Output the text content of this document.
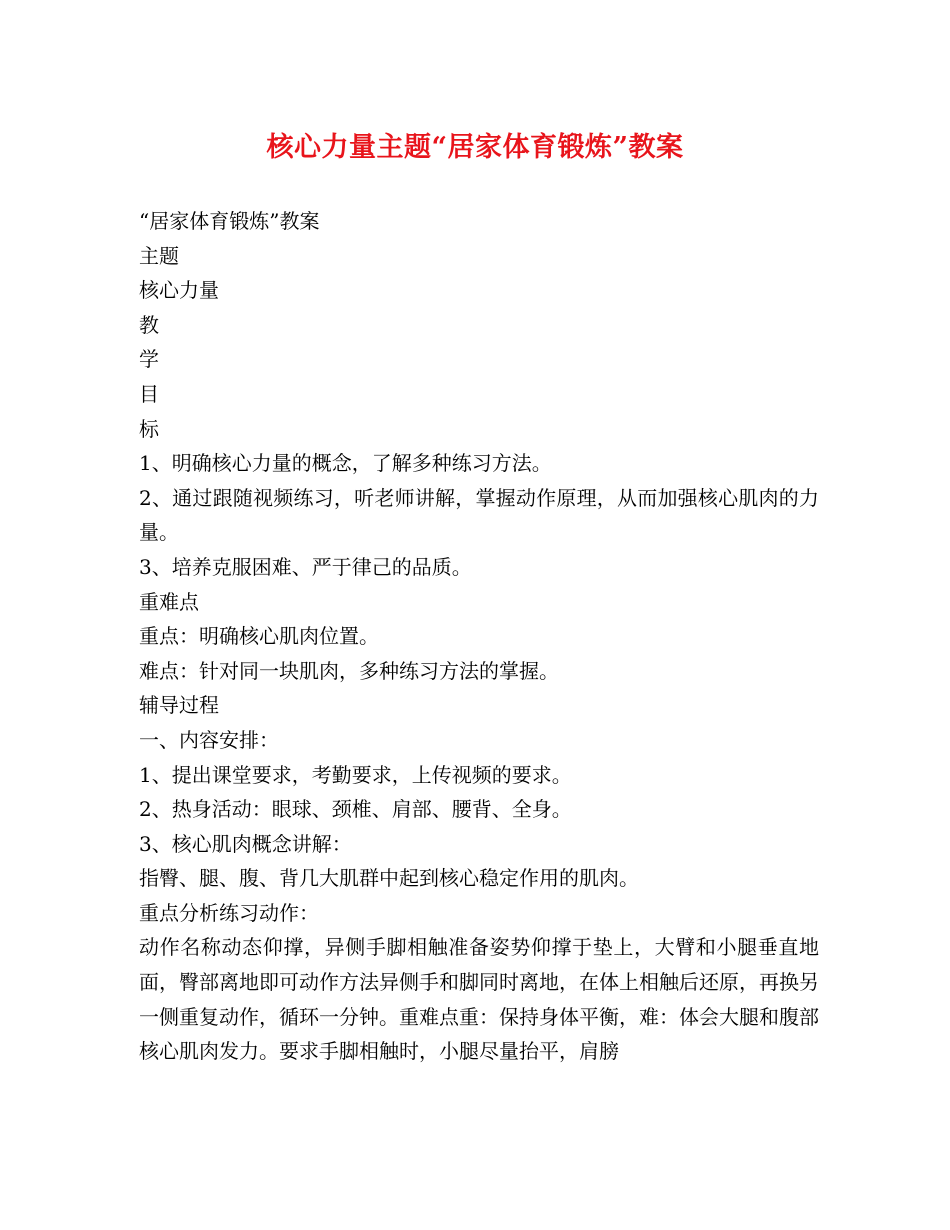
核心力量主题“居家体育锻炼”教案
“居家体育锻炼”教案
主题
核心力量
教
学
目
标
1、明确核心力量的概念，了解多种练习方法。
2、通过跟随视频练习，听老师讲解，掌握动作原理，从而加强核心肌肉的力量。
3、培养克服困难、严于律己的品质。
重难点
重点：明确核心肌肉位置。
难点：针对同一块肌肉，多种练习方法的掌握。
辅导过程
一、内容安排：
1、提出课堂要求，考勤要求，上传视频的要求。
2、热身活动：眼球、颈椎、肩部、腰背、全身。
3、核心肌肉概念讲解：
指臀、腿、腹、背几大肌群中起到核心稳定作用的肌肉。
重点分析练习动作：
动作名称动态仰撑，异侧手脚相触准备姿势仰撑于垫上，大臂和小腿垂直地面，臀部离地即可动作方法异侧手和脚同时离地，在体上相触后还原，再换另一侧重复动作，循环一分钟。重难点重：保持身体平衡，难：体会大腿和腹部核心肌肉发力。要求手脚相触时，小腿尽量抬平，肩膀
